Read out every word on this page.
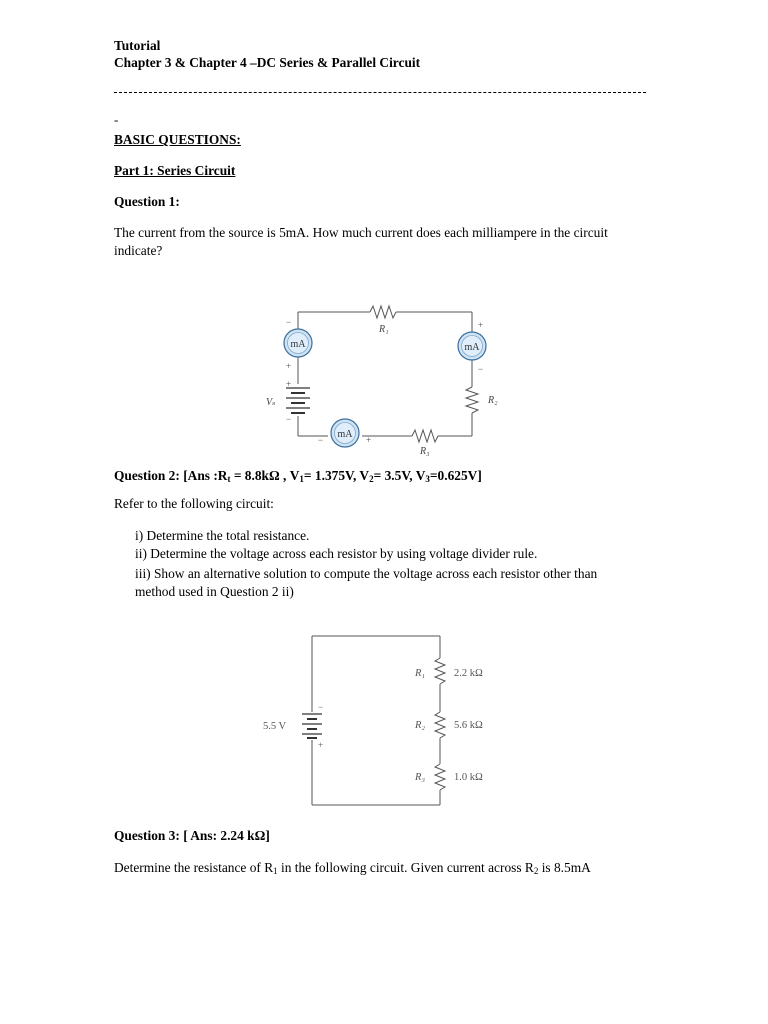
Tutorial
Chapter 3 & Chapter 4 –DC Series & Parallel Circuit
-
BASIC QUESTIONS:
Part 1: Series Circuit
Question 1:
The current from the source is 5mA. How much current does each milliampere in the circuit indicate?
mA	mA
mA
R₁
R₂
R₃
Vₛ
−
+
+
−
+
−
−	+
Question 2: [Ans $:R_t = 8.8k\Omega$ , $V_1= 1.375V$, $V_2= 3.5V$, $V_3=0.625V$]
Refer to the following circuit:
i) Determine the total resistance.
ii) Determine the voltage across each resistor by using voltage divider rule.
iii) Show an alternative solution to compute the voltage across each resistor other than
method used in Question 2 ii)
5.5 V
−
+
R₁	2.2 kΩ
R₂	5.6 kΩ
R₃	1.0 kΩ
Question 3: [ Ans: 2.24 kΩ]
Determine the resistance of $R_1$ in the following circuit. Given current across $R_2$ is 8.5mA
